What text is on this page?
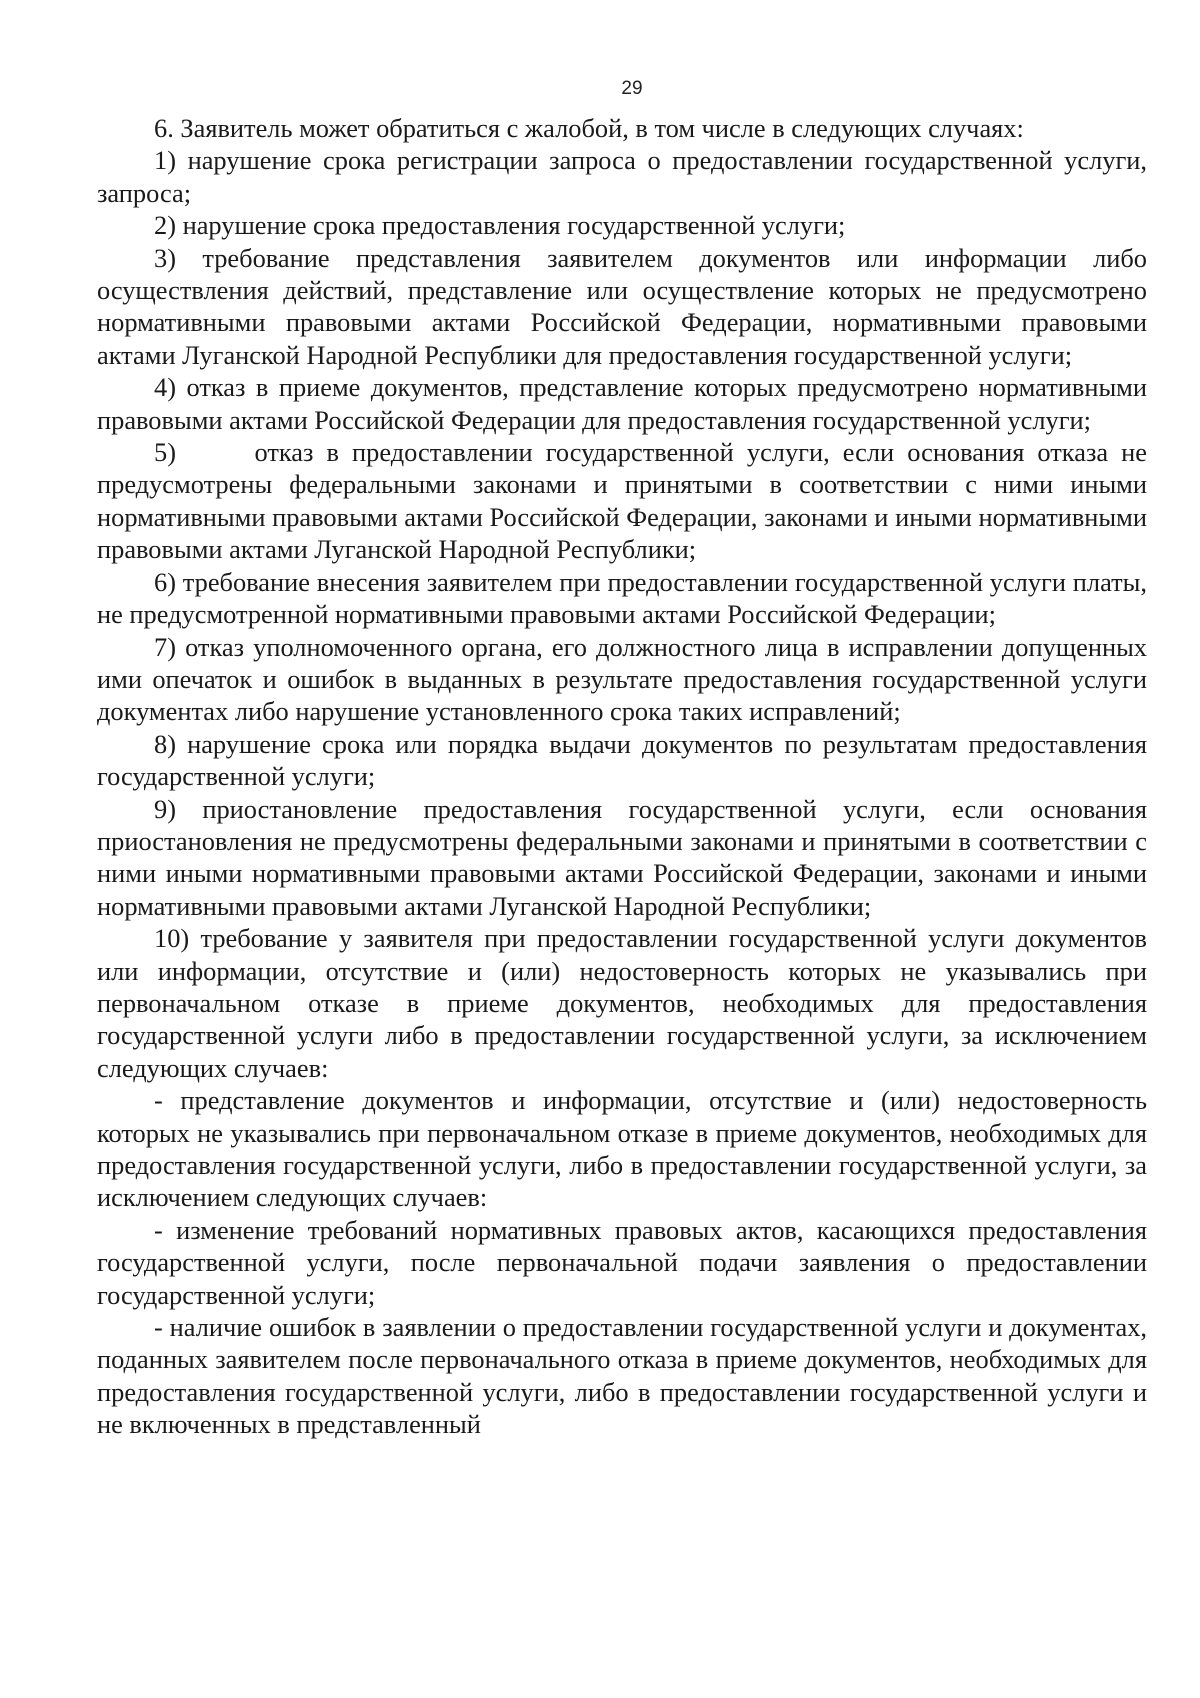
29

6. Заявитель может обратиться с жалобой, в том числе в следующих случаях:

1) нарушение срока регистрации запроса о предоставлении государственной услуги, запроса;

2) нарушение срока предоставления государственной услуги;

3) требование представления заявителем документов или информации либо осуществления действий, представление или осуществление которых не предусмотрено нормативными правовыми актами Российской Федерации, нормативными правовыми актами Луганской Народной Республики для предоставления государственной услуги;

4) отказ в приеме документов, представление которых предусмотрено нормативными правовыми актами Российской Федерации для предоставления государственной услуги;

5)      отказ в предоставлении государственной услуги, если основания отказа не предусмотрены федеральными законами и принятыми в соответствии с ними иными нормативными правовыми актами Российской Федерации, законами и иными нормативными правовыми актами Луганской Народной Республики;

6) требование внесения заявителем при предоставлении государственной услуги платы, не предусмотренной нормативными правовыми актами Российской Федерации;

7) отказ уполномоченного органа, его должностного лица в исправлении допущенных ими опечаток и ошибок в выданных в результате предоставления государственной услуги документах либо нарушение установленного срока таких исправлений;

8) нарушение срока или порядка выдачи документов по результатам предоставления государственной услуги;

9) приостановление предоставления государственной услуги, если основания приостановления не предусмотрены федеральными законами и принятыми в соответствии с ними иными нормативными правовыми актами Российской Федерации, законами и иными нормативными правовыми актами Луганской Народной Республики;

10) требование у заявителя при предоставлении государственной услуги документов или информации, отсутствие и (или) недостоверность которых не указывались при первоначальном отказе в приеме документов, необходимых для предоставления государственной услуги либо в предоставлении государственной услуги, за исключением следующих случаев:

- представление документов и информации, отсутствие и (или) недостоверность которых не указывались при первоначальном отказе в приеме документов, необходимых для предоставления государственной услуги, либо в предоставлении государственной услуги, за исключением следующих случаев:

- изменение требований нормативных правовых актов, касающихся предоставления государственной услуги, после первоначальной подачи заявления о предоставлении государственной услуги;

- наличие ошибок в заявлении о предоставлении государственной услуги и документах, поданных заявителем после первоначального отказа в приеме документов, необходимых для предоставления государственной услуги, либо в предоставлении государственной услуги и не включенных в представленный
